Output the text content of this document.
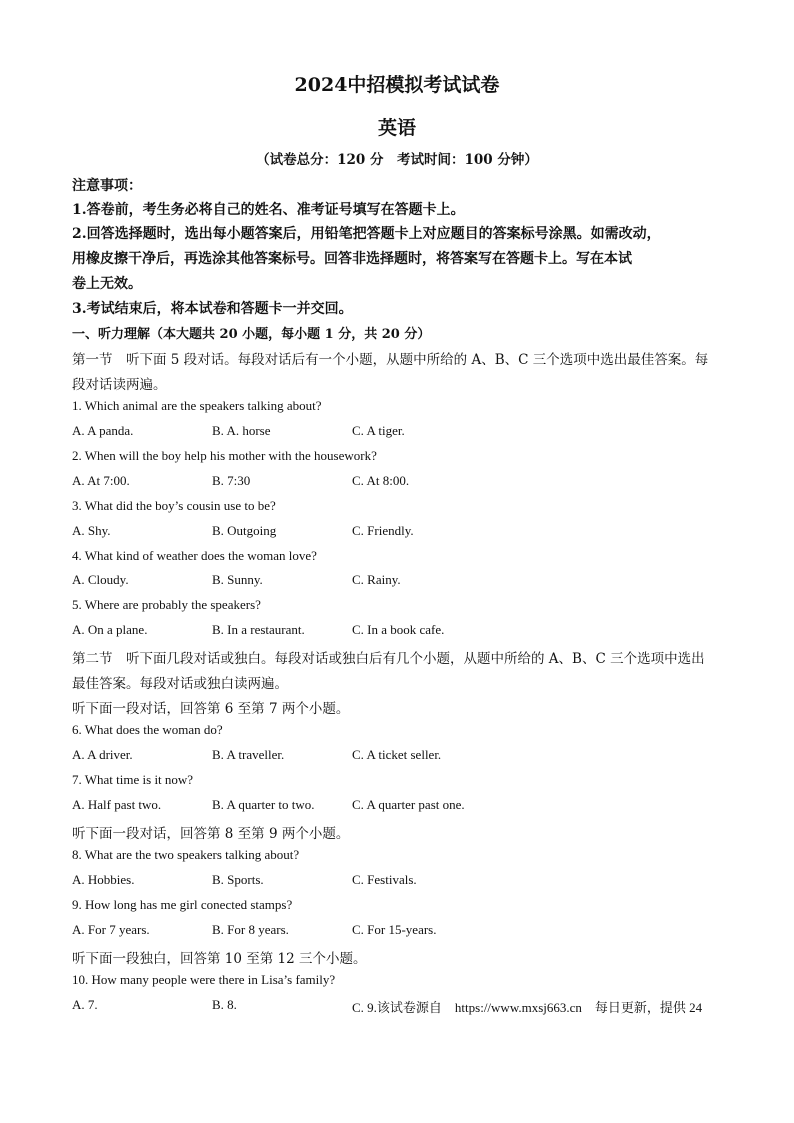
2024中招模拟考试试卷
英语
（试卷总分：120 分　考试时间：100 分钟）
注意事项：
1.答卷前，考生务必将自己的姓名、准考证号填写在答题卡上。
2.回答选择题时，选出每小题答案后，用铅笔把答题卡上对应题目的答案标号涂黑。如需改动，
用橡皮擦干净后，再选涂其他答案标号。回答非选择题时，将答案写在答题卡上。写在本试
卷上无效。
3.考试结束后，将本试卷和答题卡一并交回。
一、听力理解（本大题共 20 小题，每小题 1 分，共 20 分）
第一节　听下面 5 段对话。每段对话后有一个小题，从题中所给的 A、B、C 三个选项中选出最佳答案。每
段对话读两遍。
1. Which animal are the speakers talking about?
A. A panda.	B. A. horse	C. A tiger.
2. When will the boy help his mother with the housework?
A. At 7:00.	B. 7:30	C. At 8:00.
3. What did the boy’s cousin use to be?
A. Shy.	B. Outgoing	C. Friendly.
4. What kind of weather does the woman love?
A. Cloudy.	B. Sunny.	C. Rainy.
5. Where are probably the speakers?
A. On a plane.	B. In a restaurant.	C. In a book cafe.
第二节　听下面几段对话或独白。每段对话或独白后有几个小题，从题中所给的 A、B、C 三个选项中选出
最佳答案。每段对话或独白读两遍。
听下面一段对话，回答第 6 至第 7 两个小题。
6. What does the woman do?
A. A driver.	B. A traveller.	C. A ticket seller.
7. What time is it now?
A. Half past two.	B. A quarter to two.	C. A quarter past one.
听下面一段对话，回答第 8 至第 9 两个小题。
8. What are the two speakers talking about?
A. Hobbies.	B. Sports.	C. Festivals.
9. How long has me girl conected stamps?
A. For 7 years.	B. For 8 years.	C. For 15-years.
听下面一段独白，回答第 10 至第 12 三个小题。
10. How many people were there in Lisa’s family?
A. 7.	B. 8.	C. 9.该试卷源自　https://www.mxsj663.cn　每日更新，提供 24
